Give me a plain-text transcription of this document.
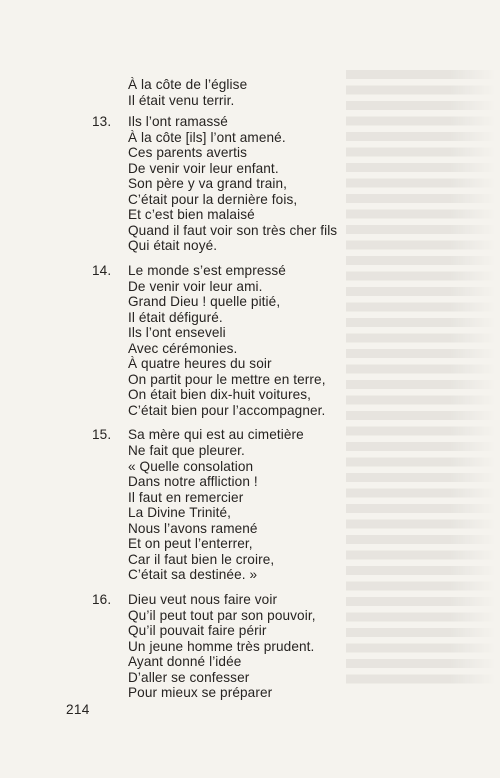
À la côte de l’église
Il était venu terrir.
13. Ils l’ont ramassé
À la côte [ils] l’ont amené.
Ces parents avertis
De venir voir leur enfant.
Son père y va grand train,
C’était pour la dernière fois,
Et c’est bien malaisé
Quand il faut voir son très cher fils
Qui était noyé.
14. Le monde s’est empressé
De venir voir leur ami.
Grand Dieu ! quelle pitié,
Il était défiguré.
Ils l’ont enseveli
Avec cérémonies.
À quatre heures du soir
On partit pour le mettre en terre,
On était bien dix-huit voitures,
C’était bien pour l’accompagner.
15. Sa mère qui est au cimetière
Ne fait que pleurer.
« Quelle consolation
Dans notre affliction !
Il faut en remercier
La Divine Trinité,
Nous l’avons ramené
Et on peut l’enterrer,
Car il faut bien le croire,
C’était sa destinée. »
16. Dieu veut nous faire voir
Qu’il peut tout par son pouvoir,
Qu’il pouvait faire périr
Un jeune homme très prudent.
Ayant donné l’idée
D’aller se confesser
Pour mieux se préparer
214
